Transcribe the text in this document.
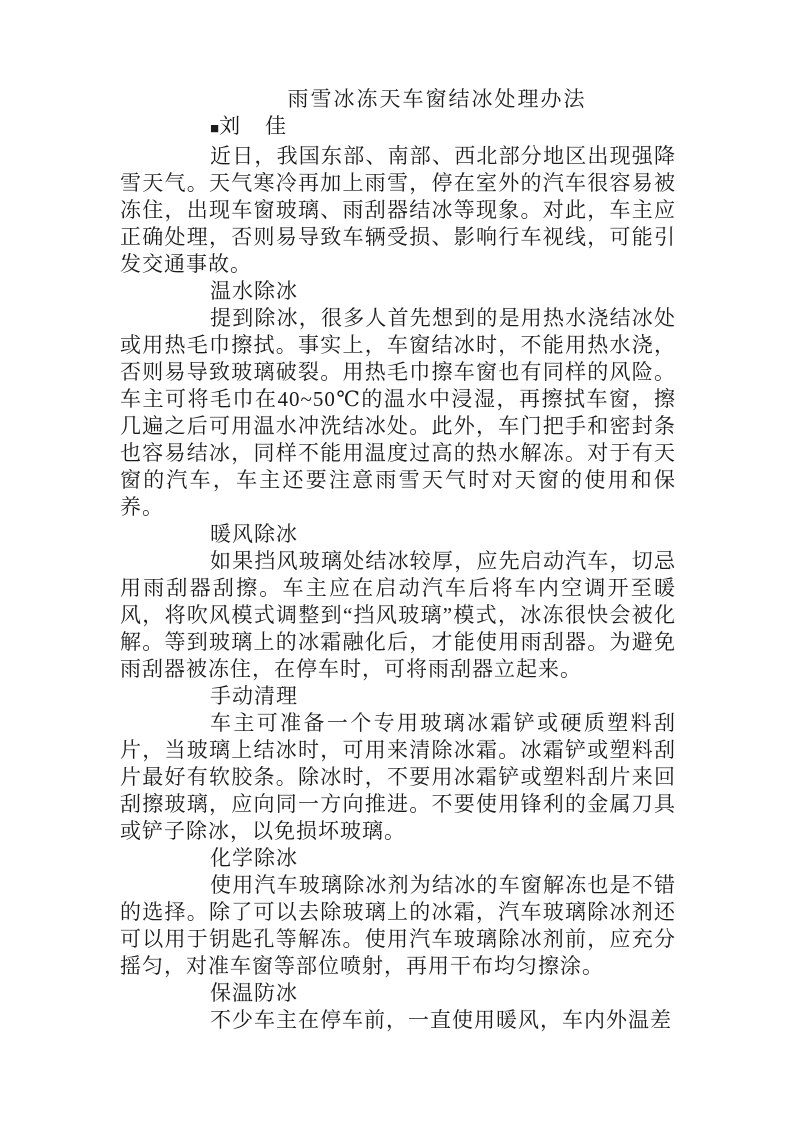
雨雪冰冻天车窗结冰处理办法

■刘　佳

近日，我国东部、南部、西北部分地区出现强降雪天气。天气寒冷再加上雨雪，停在室外的汽车很容易被冻住，出现车窗玻璃、雨刮器结冰等现象。对此，车主应正确处理，否则易导致车辆受损、影响行车视线，可能引发交通事故。

温水除冰

提到除冰，很多人首先想到的是用热水浇结冰处或用热毛巾擦拭。事实上，车窗结冰时，不能用热水浇，否则易导致玻璃破裂。用热毛巾擦车窗也有同样的风险。车主可将毛巾在40~50℃的温水中浸湿，再擦拭车窗，擦几遍之后可用温水冲洗结冰处。此外，车门把手和密封条也容易结冰，同样不能用温度过高的热水解冻。对于有天窗的汽车，车主还要注意雨雪天气时对天窗的使用和保养。

暖风除冰

如果挡风玻璃处结冰较厚，应先启动汽车，切忌用雨刮器刮擦。车主应在启动汽车后将车内空调开至暖风，将吹风模式调整到“挡风玻璃”模式，冰冻很快会被化解。等到玻璃上的冰霜融化后，才能使用雨刮器。为避免雨刮器被冻住，在停车时，可将雨刮器立起来。

手动清理

车主可准备一个专用玻璃冰霜铲或硬质塑料刮片，当玻璃上结冰时，可用来清除冰霜。冰霜铲或塑料刮片最好有软胶条。除冰时，不要用冰霜铲或塑料刮片来回刮擦玻璃，应向同一方向推进。不要使用锋利的金属刀具或铲子除冰，以免损坏玻璃。

化学除冰

使用汽车玻璃除冰剂为结冰的车窗解冻也是不错的选择。除了可以去除玻璃上的冰霜，汽车玻璃除冰剂还可以用于钥匙孔等解冻。使用汽车玻璃除冰剂前，应充分摇匀，对准车窗等部位喷射，再用干布均匀擦涂。

保温防冰

不少车主在停车前，一直使用暖风，车内外温差
